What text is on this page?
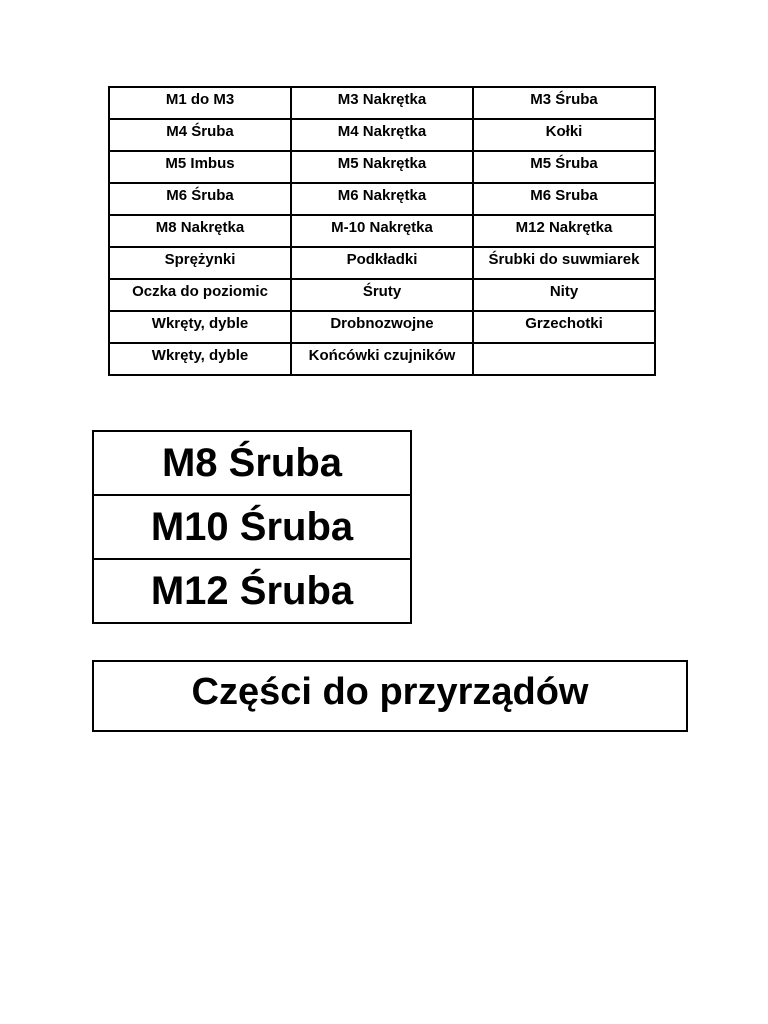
M1 do M3	M3 Nakrętka	M3 Śruba
M4 Śruba	M4 Nakrętka	Kołki
M5 Imbus	M5 Nakrętka	M5 Śruba
M6 Śruba	M6 Nakrętka	M6 Sruba
M8 Nakrętka	M-10 Nakrętka	M12 Nakrętka
Sprężynki	Podkładki	Śrubki do suwmiarek
Oczka do poziomic	Śruty	Nity
Wkręty, dyble	Drobnozwojne	Grzechotki
Wkręty, dyble	Końcówki czujników	
M8 Śruba
M10 Śruba
M12 Śruba
Części do przyrządów
